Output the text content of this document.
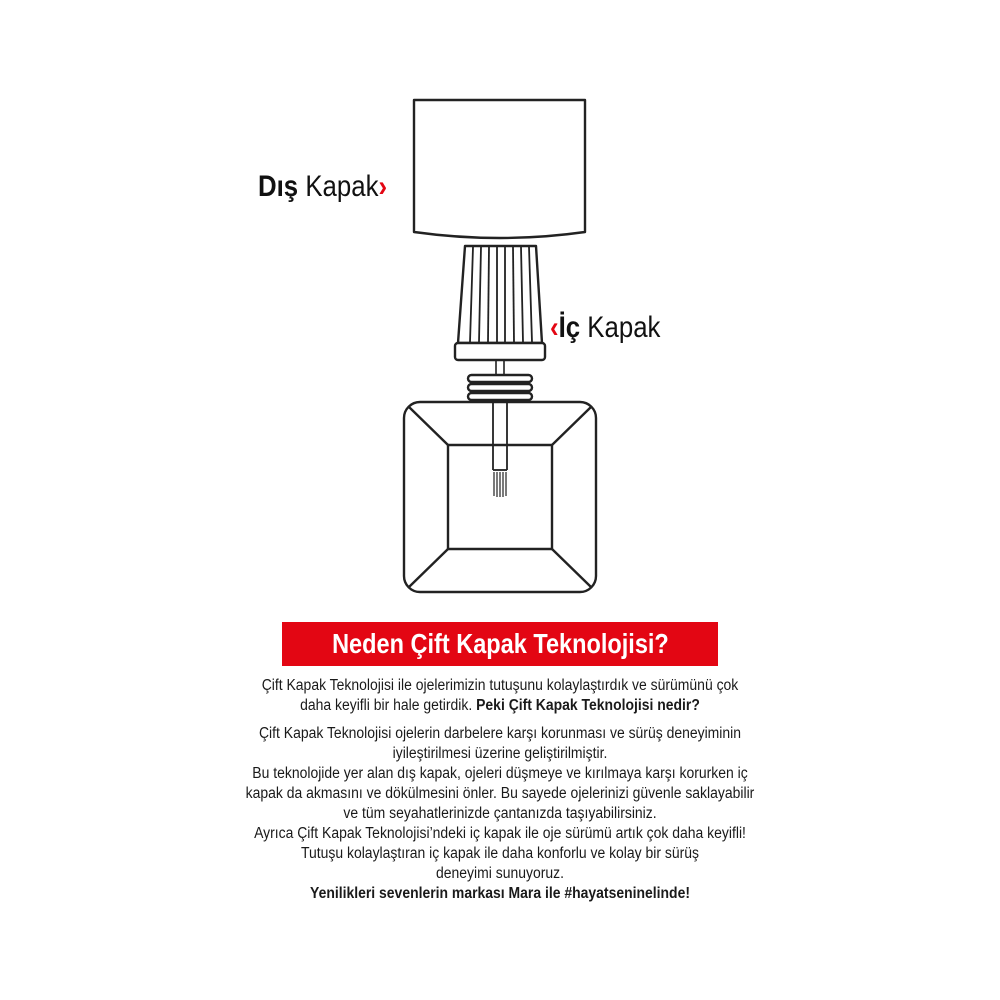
Dış Kapak›
‹İç Kapak
Neden Çift Kapak Teknolojisi?
Çift Kapak Teknolojisi ile ojelerimizin tutuşunu kolaylaştırdık ve sürümünü çok
daha keyifli bir hale getirdik. Peki Çift Kapak Teknolojisi nedir?
Çift Kapak Teknolojisi ojelerin darbelere karşı korunması ve sürüş deneyiminin
iyileştirilmesi üzerine geliştirilmiştir.
Bu teknolojide yer alan dış kapak, ojeleri düşmeye ve kırılmaya karşı korurken iç
kapak da akmasını ve dökülmesini önler. Bu sayede ojelerinizi güvenle saklayabilir
ve tüm seyahatlerinizde çantanızda taşıyabilirsiniz.
Ayrıca Çift Kapak Teknolojisi’ndeki iç kapak ile oje sürümü artık çok daha keyifli!
Tutuşu kolaylaştıran iç kapak ile daha konforlu ve kolay bir sürüş
deneyimi sunuyoruz.
Yenilikleri sevenlerin markası Mara ile #hayatseninelinde!
